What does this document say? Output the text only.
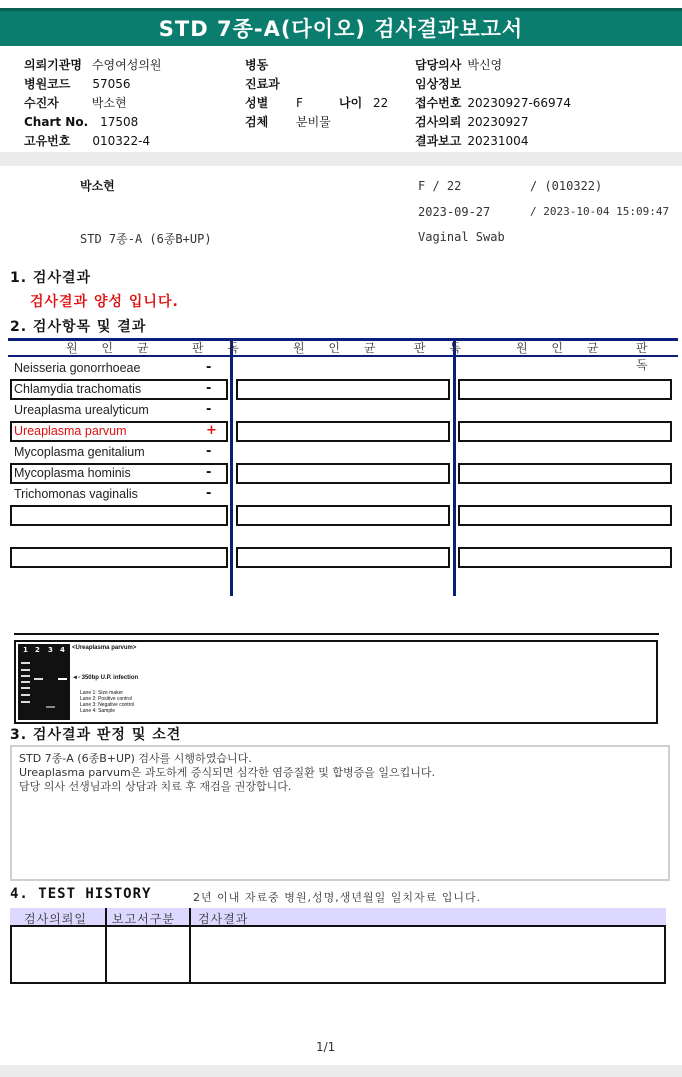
STD 7종-A(다이오) 검사결과보고서
의뢰기관명 수영여성의원
병원코드 57056
수진자	박소현
Chart No. 17508
고유번호 010322-4
병동
진료과
성별 F	나이 22
검체 분비물
담당의사 박신영
임상정보
접수번호 20230927-66974
검사의뢰 20230927
결과보고 20231004
박소현	F / 22	/ (010322)
2023-09-27	/ 2023-10-04 15:09:47
STD 7종-A (6종B+UP)	Vaginal Swab
1. 검사결과
검사결과 양성 입니다.
2. 검사항목 및 결과
원 인 균	판 독	원 인 균 판 독	원 인 균 판 독
Neisseria gonorrhoeae	-
Chlamydia trachomatis	-
Ureaplasma urealyticum	-
Ureaplasma parvum	+
Mycoplasma genitalium	-
Mycoplasma hominis	-
Trichomonas vaginalis	-
1 2 3 4 <Ureaplasma parvum>
◄- 350bp U.P. infection
Lane 1: Size maker
Lane 2: Positive control
Lane 3: Negative control
Lane 4: Sample
3. 검사결과 판정 및 소견
STD 7종-A (6종B+UP) 검사를 시행하였습니다.
Ureaplasma parvum은 과도하게 증식되면 심각한 염증질환 및 합병증을 일으킵니다.
담당 의사 선생님과의 상담과 치료 후 재검을 권장합니다.
4. TEST HISTORY	2년 이내 자료중 병원,성명,생년월일 일치자료 입니다.
검사의뢰일 보고서구분 검사결과
1/1
